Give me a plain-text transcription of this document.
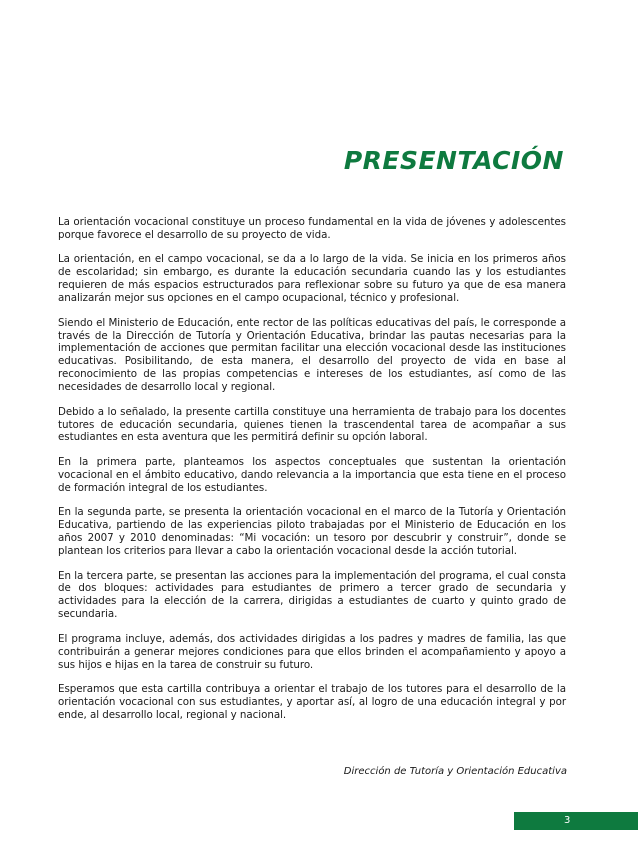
PRESENTACIÓN

La orientación vocacional constituye un proceso fundamental en la vida de jóvenes y adolescentes porque favorece el desarrollo de su proyecto de vida.

La orientación, en el campo vocacional, se da a lo largo de la vida. Se inicia en los primeros años de escolaridad; sin embargo, es durante la educación secundaria cuando las y los estudiantes requieren de más espacios estructurados para reflexionar sobre su futuro ya que de esa manera analizarán mejor sus opciones en el campo ocupacional, técnico y profesional.

Siendo el Ministerio de Educación, ente rector de las políticas educativas del país, le corresponde a través de la Dirección de Tutoría y Orientación Educativa, brindar las pautas necesarias para la implementación de acciones que permitan facilitar una elección vocacional desde las instituciones educativas. Posibilitando, de esta manera, el desarrollo del proyecto de vida en base al reconocimiento de las propias competencias e intereses de los estudiantes, así como de las necesidades de desarrollo local y regional.

Debido a lo señalado, la presente cartilla constituye una herramienta de trabajo para los docentes tutores de educación secundaria, quienes tienen la trascendental tarea de acompañar a sus estudiantes en esta aventura que les permitirá definir su opción laboral.

En la primera parte, planteamos los aspectos conceptuales que sustentan la orientación vocacional en el ámbito educativo, dando relevancia a la importancia que esta tiene en el proceso de formación integral de los estudiantes.

En la segunda parte, se presenta la orientación vocacional en el marco de la Tutoría y Orientación Educativa, partiendo de las experiencias piloto trabajadas por el Ministerio de Educación en los años 2007 y 2010 denominadas: “Mi vocación: un tesoro por descubrir y construir”, donde se plantean los criterios para llevar a cabo la orientación vocacional desde la acción tutorial.

En la tercera parte, se presentan las acciones para la implementación del programa, el cual consta de dos bloques: actividades para estudiantes de primero a tercer grado de secundaria y actividades para la elección de la carrera, dirigidas a estudiantes de cuarto y quinto grado de secundaria.

El programa incluye, además, dos actividades dirigidas a los padres y madres de familia, las que contribuirán a generar mejores condiciones para que ellos brinden el acompañamiento y apoyo a sus hijos e hijas en la tarea de construir su futuro.

Esperamos que esta cartilla contribuya a orientar el trabajo de los tutores para el desarrollo de la orientación vocacional con sus estudiantes, y aportar así, al logro de una educación integral y por ende, al desarrollo local, regional y nacional.

Dirección de Tutoría y Orientación Educativa

3
